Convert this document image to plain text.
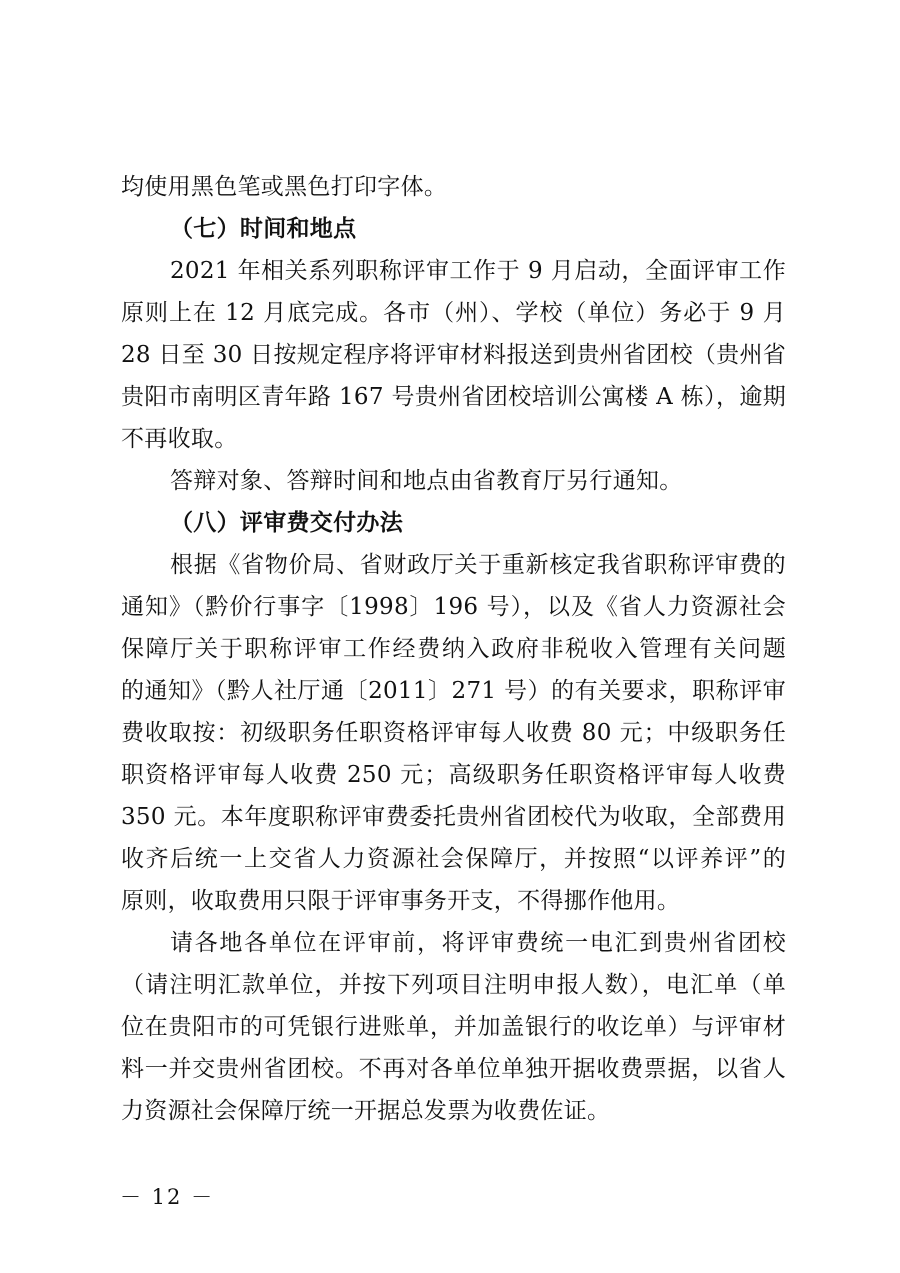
均使用黑色笔或黑色打印字体。
（七）时间和地点
2021 年相关系列职称评审工作于 9 月启动，全面评审工作
原则上在 12 月底完成。各市（州）、学校（单位）务必于 9 月
28 日至 30 日按规定程序将评审材料报送到贵州省团校（贵州省
贵阳市南明区青年路 167 号贵州省团校培训公寓楼 A 栋），逾期
不再收取。
答辩对象、答辩时间和地点由省教育厅另行通知。
（八）评审费交付办法
根据《省物价局、省财政厅关于重新核定我省职称评审费的
通知》（黔价行事字〔1998〕196 号），以及《省人力资源社会
保障厅关于职称评审工作经费纳入政府非税收入管理有关问题
的通知》（黔人社厅通〔2011〕271 号）的有关要求，职称评审
费收取按：初级职务任职资格评审每人收费 80 元；中级职务任
职资格评审每人收费 250 元；高级职务任职资格评审每人收费
350 元。本年度职称评审费委托贵州省团校代为收取，全部费用
收齐后统一上交省人力资源社会保障厅，并按照“以评养评”的
原则，收取费用只限于评审事务开支，不得挪作他用。
请各地各单位在评审前，将评审费统一电汇到贵州省团校
（请注明汇款单位，并按下列项目注明申报人数），电汇单（单
位在贵阳市的可凭银行进账单，并加盖银行的收讫单）与评审材
料一并交贵州省团校。不再对各单位单独开据收费票据，以省人
力资源社会保障厅统一开据总发票为收费佐证。
－ 12 －
